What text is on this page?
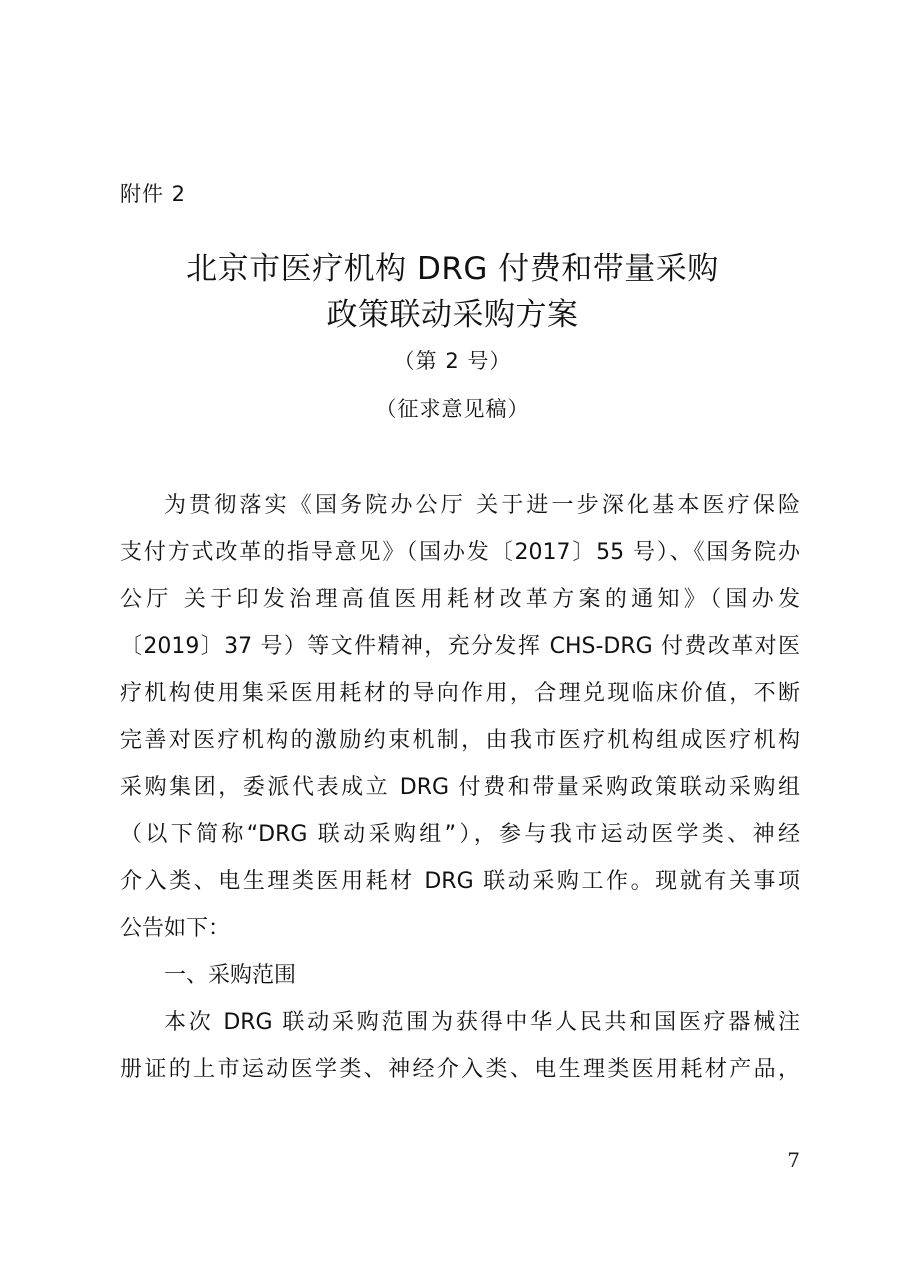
附件 2
北京市医疗机构 DRG 付费和带量采购
政策联动采购方案
（第 2 号）
（征求意见稿）
为贯彻落实《国务院办公厅 关于进一步深化基本医疗保险
支付方式改革的指导意见》（国办发〔2017〕55 号）、《国务院办
公厅 关于印发治理高值医用耗材改革方案的通知》（国办发
〔2019〕37 号）等文件精神，充分发挥 CHS-DRG 付费改革对医
疗机构使用集采医用耗材的导向作用，合理兑现临床价值，不断
完善对医疗机构的激励约束机制，由我市医疗机构组成医疗机构
采购集团，委派代表成立 DRG 付费和带量采购政策联动采购组
（以下简称“DRG 联动采购组”），参与我市运动医学类、神经
介入类、电生理类医用耗材 DRG 联动采购工作。现就有关事项
公告如下：
一、采购范围
本次 DRG 联动采购范围为获得中华人民共和国医疗器械注
册证的上市运动医学类、神经介入类、电生理类医用耗材产品，
7
